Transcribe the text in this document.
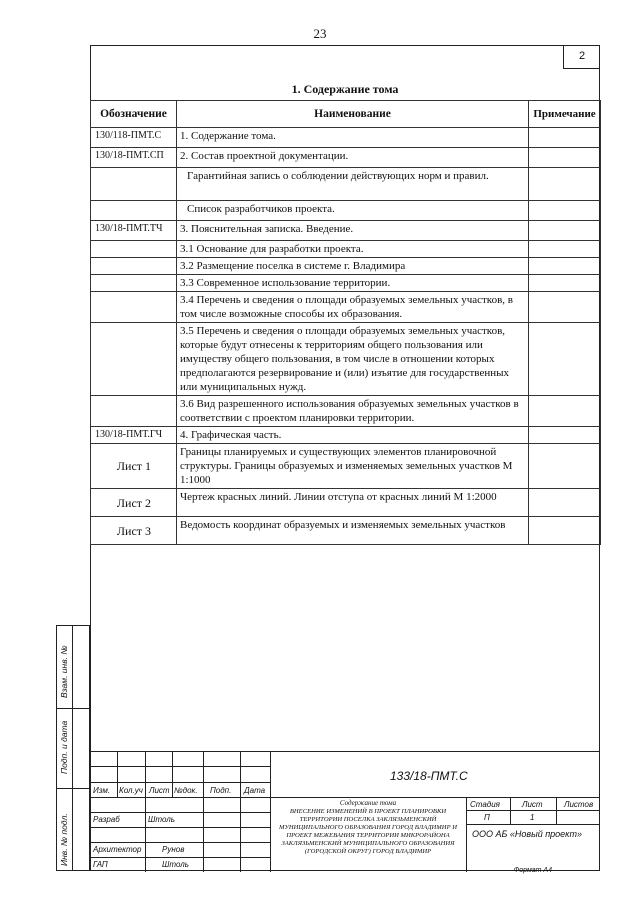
23
2
1. Содержание тома
Обозначение	Наименование	Примечание
130/118-ПМТ.С	1. Содержание тома.	
130/18-ПМТ.СП	2. Состав проектной документации.	
	Гарантийная запись о соблюдении действующих норм и правил.	
	Список разработчиков проекта.	
130/18-ПМТ.ТЧ	3. Пояснительная записка. Введение.	
	3.1 Основание для разработки проекта.	
	3.2 Размещение поселка в системе г. Владимира	
	3.3 Современное использование территории.	
	3.4 Перечень и сведения о площади образуемых земельных участков, в том числе возможные способы их образования.	
	3.5 Перечень и сведения о площади образуемых земельных участков, которые будут отнесены к территориям общего пользования или имуществу общего пользования, в том числе в отношении которых предполагаются резервирование и (или) изъятие для государственных или муниципальных нужд.	
	3.6 Вид разрешенного использования образуемых земельных участков в соответствии с проектом планировки территории.	
130/18-ПМТ.ГЧ	4. Графическая часть.	
Лист 1	Границы планируемых и существующих элементов планировочной структуры. Границы образуемых и изменяемых земельных участков М 1:1000	
Лист 2	Чертеж красных линий. Линии отступа от красных линий М 1:2000	
Лист 3	Ведомость координат образуемых и изменяемых земельных участков	
Взам. инв. №
Подп. и дата
Инв. № подл.
Изм. Кол.уч Лист №док. Подп. Дата
Разраб	Штоль
Архитектор	Рунов
ГАП	Штоль
133/18-ПМТ.С
Содержание тома
ВНЕСЕНИЕ ИЗМЕНЕНИЙ В ПРОЕКТ ПЛАНИРОВКИ ТЕРРИТОРИИ ПОСЕЛКА ЗАКЛЯЗЬМЕНСКИЙ МУНИЦИПАЛЬНОГО ОБРАЗОВАНИЯ ГОРОД ВЛАДИМИР И ПРОЕКТ МЕЖЕВАНИЯ ТЕРРИТОРИИ МИКРОРАЙОНА ЗАКЛЯЗЬМЕНСКИЙ МУНИЦИПАЛЬНОГО ОБРАЗОВАНИЯ (ГОРОДСКОЙ ОКРУГ) ГОРОД ВЛАДИМИР
Стадия	Лист	Листов
П	1
ООО АБ «Новый проект»
Формат А4
